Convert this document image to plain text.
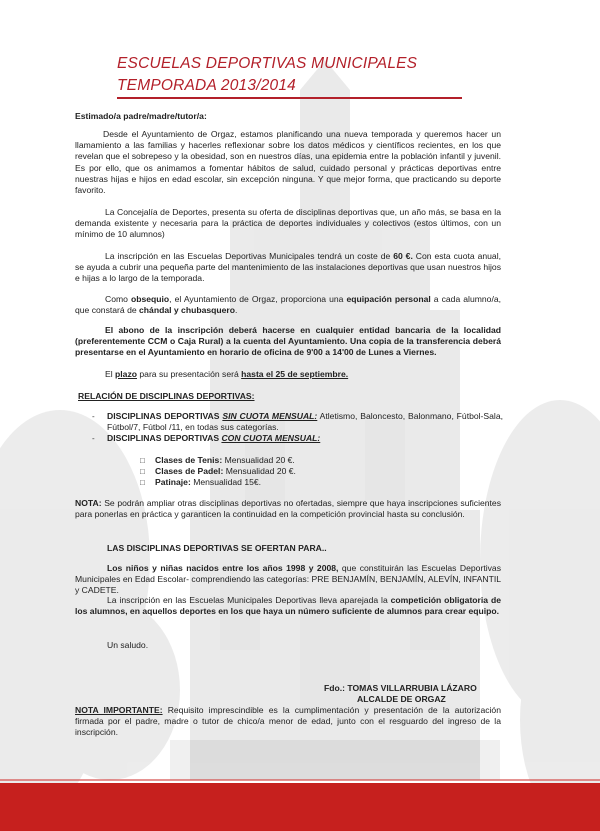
ESCUELAS DEPORTIVAS MUNICIPALES
TEMPORADA 2013/2014
Estimado/a padre/madre/tutor/a:
Desde el Ayuntamiento de Orgaz, estamos planificando una nueva temporada y queremos hacer un llamamiento a las familias y hacerles reflexionar sobre los datos médicos y científicos recientes, en los que revelan que el sobrepeso y la obesidad, son en nuestros días, una epidemia entre la población infantil y juvenil. Es por ello, que os animamos a fomentar hábitos de salud, cuidado personal y prácticas deportivas entre nuestras hijas e hijos en edad escolar, sin excepción ninguna. Y que mejor forma, que practicando su deporte favorito.
La Concejalía de Deportes, presenta su oferta de disciplinas deportivas que, un año más, se basa en la demanda existente y necesaria para la práctica de deportes individuales y colectivos (estos últimos, con un mínimo de 10 alumnos)
La inscripción en las Escuelas Deportivas Municipales tendrá un coste de 60 €. Con esta cuota anual, se ayuda a cubrir una pequeña parte del mantenimiento de las instalaciones deportivas que usan nuestros hijos e hijas a lo largo de la temporada.
Como obsequio, el Ayuntamiento de Orgaz, proporciona una equipación personal a cada alumno/a, que constará de chándal y chubasquero.
El abono de la inscripción deberá hacerse en cualquier entidad bancaria de la localidad (preferentemente CCM o Caja Rural) a la cuenta del Ayuntamiento. Una copia de la transferencia deberá presentarse en el Ayuntamiento en horario de oficina de 9'00 a 14'00 de Lunes a Viernes.
El plazo para su presentación será hasta el 25 de septiembre.
RELACIÓN DE DISCIPLINAS DEPORTIVAS:
- DISCIPLINAS DEPORTIVAS SIN CUOTA MENSUAL: Atletismo, Baloncesto, Balonmano, Fútbol-Sala, Fútbol/7, Fútbol /11, en todas sus categorías.
- DISCIPLINAS DEPORTIVAS CON CUOTA MENSUAL:
□ Clases de Tenis: Mensualidad 20 €.
□ Clases de Padel: Mensualidad 20 €.
□ Patinaje: Mensualidad 15€.
NOTA: Se podrán ampliar otras disciplinas deportivas no ofertadas, siempre que haya inscripciones suficientes para ponerlas en práctica y garanticen la continuidad en la competición provincial hasta su conclusión.
LAS DISCIPLINAS DEPORTIVAS SE OFERTAN PARA..
Los niños y niñas nacidos entre los años 1998 y 2008, que constituirán las Escuelas Deportivas Municipales en Edad Escolar- comprendiendo las categorías: PRE BENJAMÍN, BENJAMÍN, ALEVÍN, INFANTIL y CADETE.
La inscripción en las Escuelas Municipales Deportivas lleva aparejada la competición obligatoria de los alumnos, en aquellos deportes en los que haya un número suficiente de alumnos para crear equipo.
Un saludo.
Fdo.: TOMAS VILLARRUBIA LÁZARO
ALCALDE DE ORGAZ
NOTA IMPORTANTE: Requisito imprescindible es la cumplimentación y presentación de la autorización firmada por el padre, madre o tutor de chico/a menor de edad, junto con el resguardo del ingreso de la inscripción.
